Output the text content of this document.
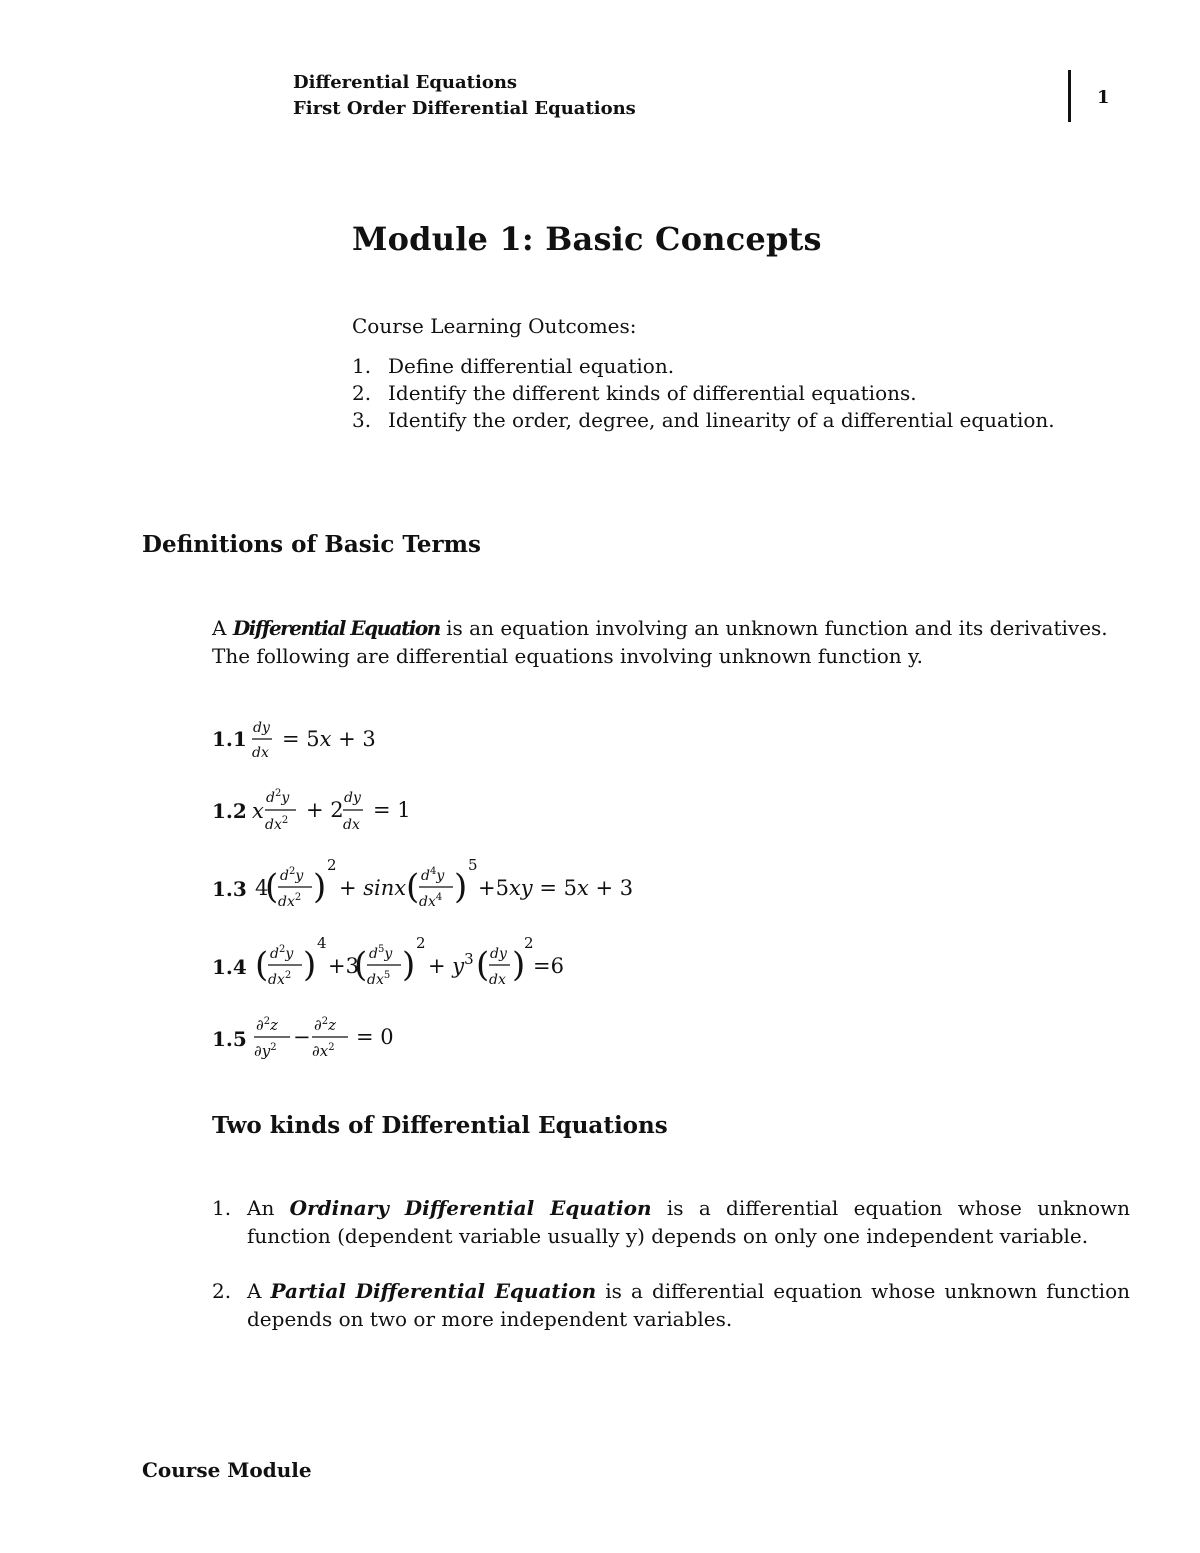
Differential Equations
First Order Differential Equations
1
Module 1: Basic Concepts
Course Learning Outcomes:
1. Define differential equation.
2. Identify the different kinds of differential equations.
3. Identify the order, degree, and linearity of a differential equation.
Definitions of Basic Terms
A Differential Equation is an equation involving an unknown function and its derivatives. The following are differential equations involving unknown function y.
1.1 dy
dx
= 5x + 3
1.2 x
$d^2y$
$dx^2 + 2$ dy
dx
= 1
1.3 4
( $d^2y$
$dx^2$ )
2
+ sinx ( $d^4y$
$dx^4$ )
5
+5xy = 5x + 3
1.4 ( $d^2y$
$dx^2$ )
4
+3
( $d^5y$
$dx^5$ )
2
+ $y^3$ ( dy
dx )
2
=6
1.5
∂$^2$z
$\partial y^2 - \partial^2z$
$\partial x^2 = 0$
Two kinds of Differential Equations
1. An Ordinary Differential Equation is a differential equation whose unknown function (dependent variable usually y) depends on only one independent variable.
2. A Partial Differential Equation is a differential equation whose unknown function depends on two or more independent variables.
Course Module
